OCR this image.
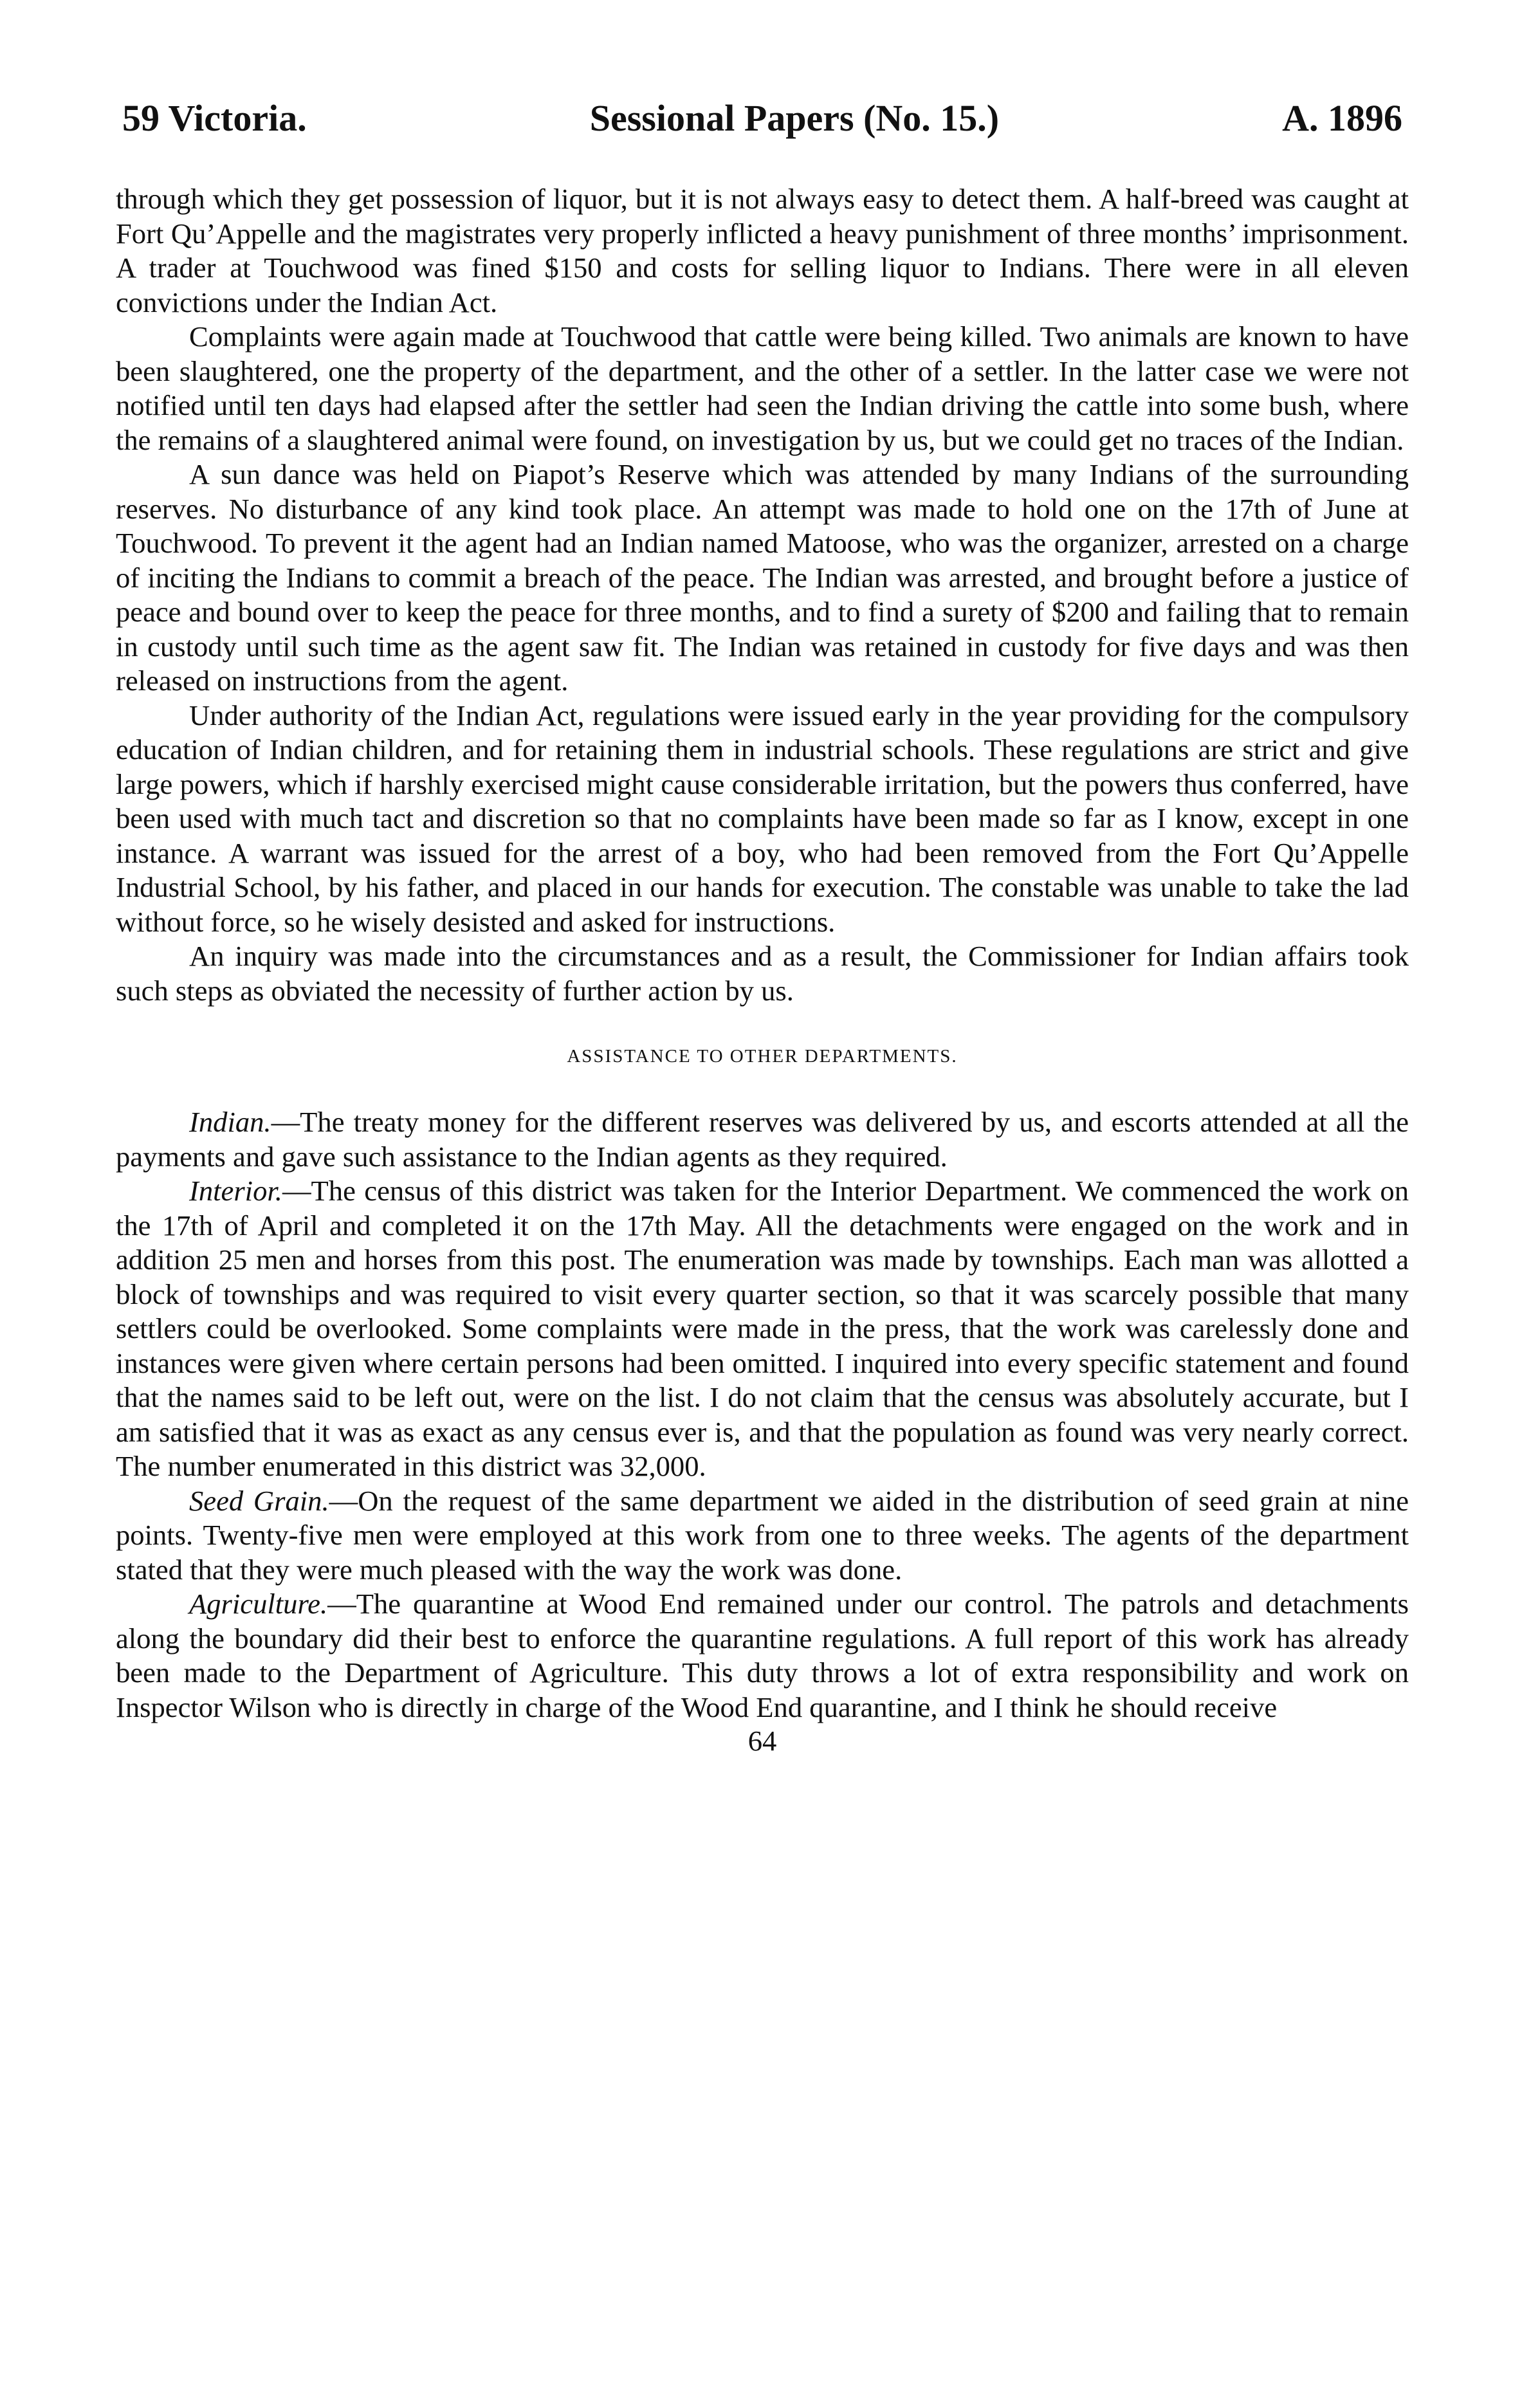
59 Victoria.	Sessional Papers (No. 15.)	A. 1896

through which they get possession of liquor, but it is not always easy to detect them. A half-breed was caught at Fort Qu’Appelle and the magistrates very properly inflicted a heavy punishment of three months’ imprisonment. A trader at Touchwood was fined $150 and costs for selling liquor to Indians. There were in all eleven convictions under the Indian Act.

Complaints were again made at Touchwood that cattle were being killed. Two animals are known to have been slaughtered, one the property of the department, and the other of a settler. In the latter case we were not notified until ten days had elapsed after the settler had seen the Indian driving the cattle into some bush, where the remains of a slaughtered animal were found, on investigation by us, but we could get no traces of the Indian.

A sun dance was held on Piapot’s Reserve which was attended by many Indians of the surrounding reserves. No disturbance of any kind took place. An attempt was made to hold one on the 17th of June at Touchwood. To prevent it the agent had an Indian named Matoose, who was the organizer, arrested on a charge of inciting the Indians to commit a breach of the peace. The Indian was arrested, and brought before a justice of peace and bound over to keep the peace for three months, and to find a surety of $200 and failing that to remain in custody until such time as the agent saw fit. The Indian was retained in custody for five days and was then released on instructions from the agent.

Under authority of the Indian Act, regulations were issued early in the year providing for the compulsory education of Indian children, and for retaining them in industrial schools. These regulations are strict and give large powers, which if harshly exercised might cause considerable irritation, but the powers thus conferred, have been used with much tact and discretion so that no complaints have been made so far as I know, except in one instance. A warrant was issued for the arrest of a boy, who had been removed from the Fort Qu’Appelle Industrial School, by his father, and placed in our hands for execution. The constable was unable to take the lad without force, so he wisely desisted and asked for instructions.

An inquiry was made into the circumstances and as a result, the Commissioner for Indian affairs took such steps as obviated the necessity of further action by us.

ASSISTANCE TO OTHER DEPARTMENTS.

Indian.—The treaty money for the different reserves was delivered by us, and escorts attended at all the payments and gave such assistance to the Indian agents as they required.

Interior.—The census of this district was taken for the Interior Department. We commenced the work on the 17th of April and completed it on the 17th May. All the detachments were engaged on the work and in addition 25 men and horses from this post. The enumeration was made by townships. Each man was allotted a block of townships and was required to visit every quarter section, so that it was scarcely possible that many settlers could be overlooked. Some complaints were made in the press, that the work was carelessly done and instances were given where certain persons had been omitted. I inquired into every specific statement and found that the names said to be left out, were on the list. I do not claim that the census was absolutely accurate, but I am satisfied that it was as exact as any census ever is, and that the population as found was very nearly correct. The number enumerated in this district was 32,000.

Seed Grain.—On the request of the same department we aided in the distribution of seed grain at nine points. Twenty-five men were employed at this work from one to three weeks. The agents of the department stated that they were much pleased with the way the work was done.

Agriculture.—The quarantine at Wood End remained under our control. The patrols and detachments along the boundary did their best to enforce the quarantine regulations. A full report of this work has already been made to the Department of Agriculture. This duty throws a lot of extra responsibility and work on Inspector Wilson who is directly in charge of the Wood End quarantine, and I think he should receive

64
